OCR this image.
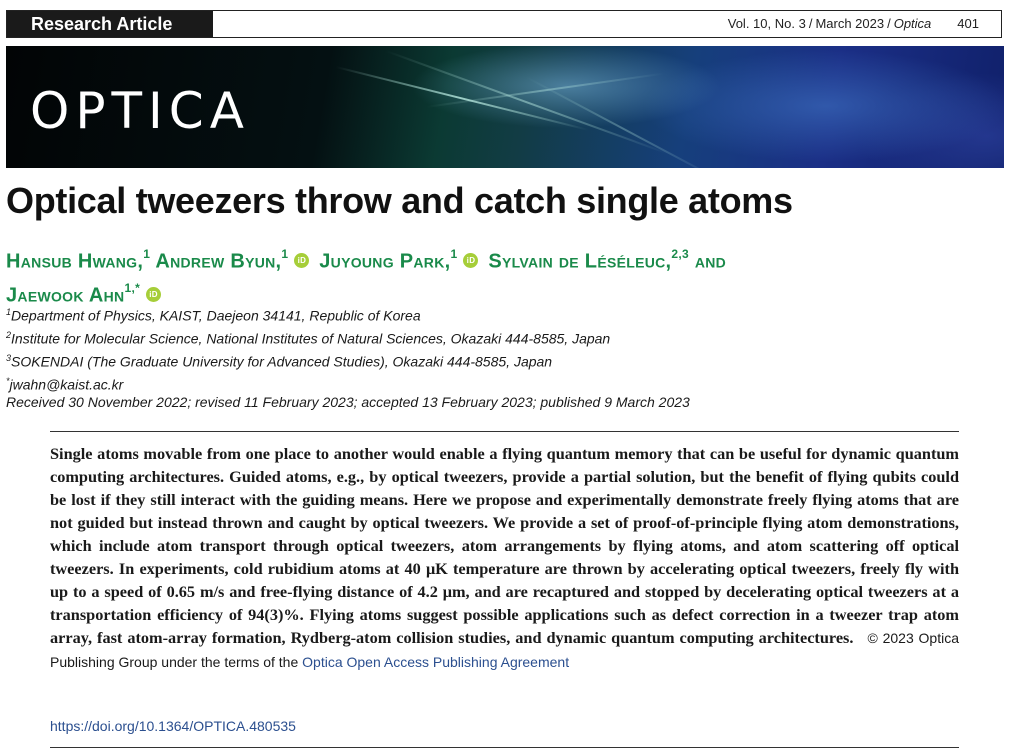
Research Article	Vol. 10, No. 3 / March 2023 / Optica 401
OPTICA
Optical tweezers throw and catch single atoms
Hansub Hwang,$^1$ Andrew Byun,$^1$ iD Juyoung Park,$^1$ iD Sylvain de Léséleuc,$^{2,3}$ and
Jaewook Ahn$^{1,*}$ iD
$^1$Department of Physics, KAIST, Daejeon 34141, Republic of Korea
$^2$Institute for Molecular Science, National Institutes of Natural Sciences, Okazaki 444-8585, Japan
$^3$SOKENDAI (The Graduate University for Advanced Studies), Okazaki 444-8585, Japan
*jwahn@kaist.ac.kr
Received 30 November 2022; revised 11 February 2023; accepted 13 February 2023; published 9 March 2023

Single atoms movable from one place to another would enable a flying quantum memory that can be useful for dynamic quantum computing architectures. Guided atoms, e.g., by optical tweezers, provide a partial solution, but the benefit of flying qubits could be lost if they still interact with the guiding means. Here we propose and experimentally demonstrate freely flying atoms that are not guided but instead thrown and caught by optical tweezers. We provide a set of proof-of-principle flying atom demonstrations, which include atom transport through optical tweezers, atom arrangements by flying atoms, and atom scattering off optical tweezers. In experiments, cold rubidium atoms at 40 μK temperature are thrown by accelerating optical tweezers, freely fly with up to a speed of 0.65 m/s and free-flying distance of 4.2 μm, and are recaptured and stopped by decelerating optical tweezers at a transportation efficiency of 94(3)%. Flying atoms suggest possible applications such as defect correction in a tweezer trap atom array, fast atom-array formation, Rydberg-atom collision studies, and dynamic quantum computing architectures. © 2023 Optica Publishing Group under the terms of the Optica Open Access Publishing Agreement

https://doi.org/10.1364/OPTICA.480535
